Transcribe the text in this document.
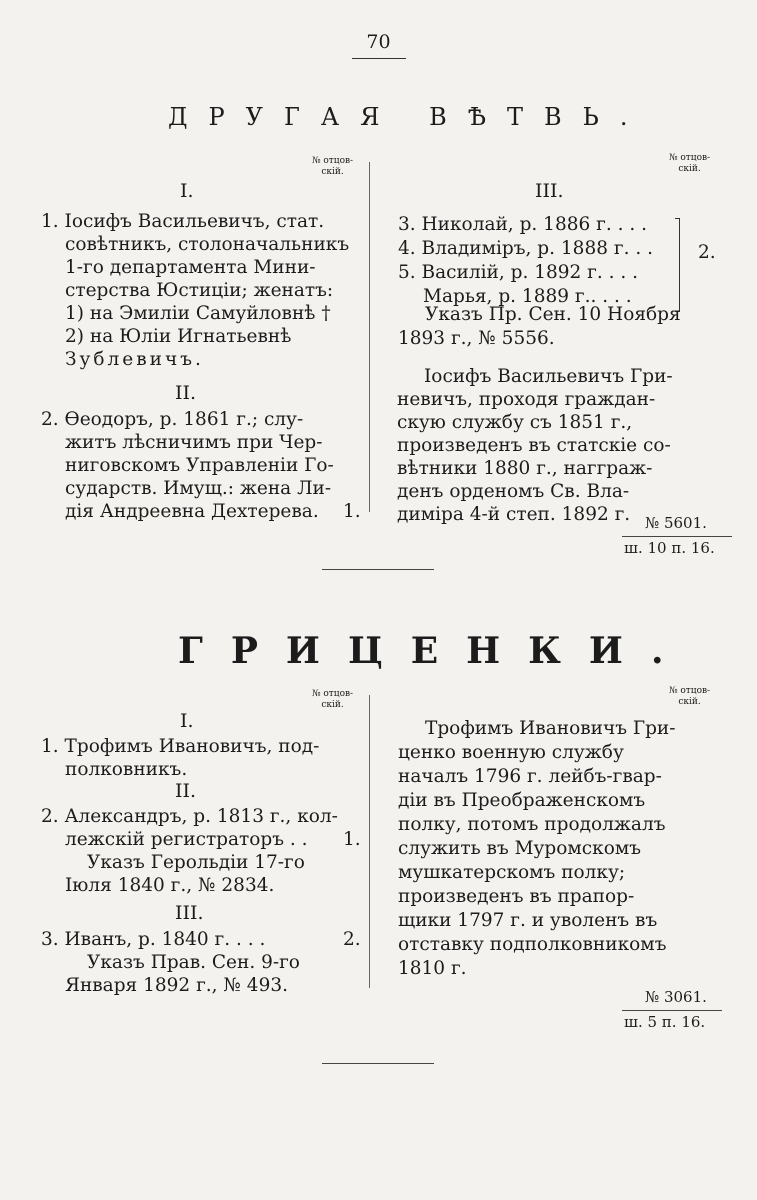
70
ДРУГАЯ ВѢТВЬ.
№ отцов-
скій.
№ отцов-
скій.
I.
1. Іосифъ Васильевичъ, стат.
совѣтникъ, столоначальникъ
1-го департамента Мини-
стерства Юстиціи; женатъ:
1) на Эмиліи Самуйловнѣ †
2) на Юліи Игнатьевнѣ
Зублевичъ.
II.
2. Ѳеодоръ, р. 1861 г.; слу-
житъ лѣсничимъ при Чер-
ниговскомъ Управленіи Го-
сударств. Имущ.: жена Ли-
дія Андреевна Дехтерева.	1.
III.
3. Николай, р. 1886 г. . . .
4. Владиміръ, р. 1888 г. . .
5. Василій, р. 1892 г. . . .
Марья, р. 1889 г.. . . .
2.
Указъ Пр. Сен. 10 Ноября
1893 г., № 5556.
Іосифъ Васильевичъ Гри-
невичъ, проходя граждан-
скую службу съ 1851 г.,
произведенъ въ статскіе со-
вѣтники 1880 г., нагграж-
денъ орденомъ Св. Вла-
диміра 4-й степ. 1892 г. № 5601.
ш. 10 п. 16.
ГРИЦЕНКИ.
№ отцов-
скій.
№ отцов-
скій.
I.
1. Трофимъ Ивановичъ, под-
полковникъ.
II.
2. Александръ, р. 1813 г., кол-
лежскій регистраторъ . .
Указъ Герольдіи 17-го
Іюля 1840 г., № 2834.
1.
III.
3. Иванъ, р. 1840 г. . . .
Указъ Прав. Сен. 9-го
Января 1892 г., № 493.
2.
Трофимъ Ивановичъ Гри-
ценко военную службу
началъ 1796 г. лейбъ-гвар-
діи въ Преображенскомъ
полку, потомъ продолжалъ
служить въ Муромскомъ
мушкатерскомъ полку;
произведенъ въ прапор-
щики 1797 г. и уволенъ въ
отставку подполковникомъ
1810 г.
№ 3061.
ш. 5 п. 16.
